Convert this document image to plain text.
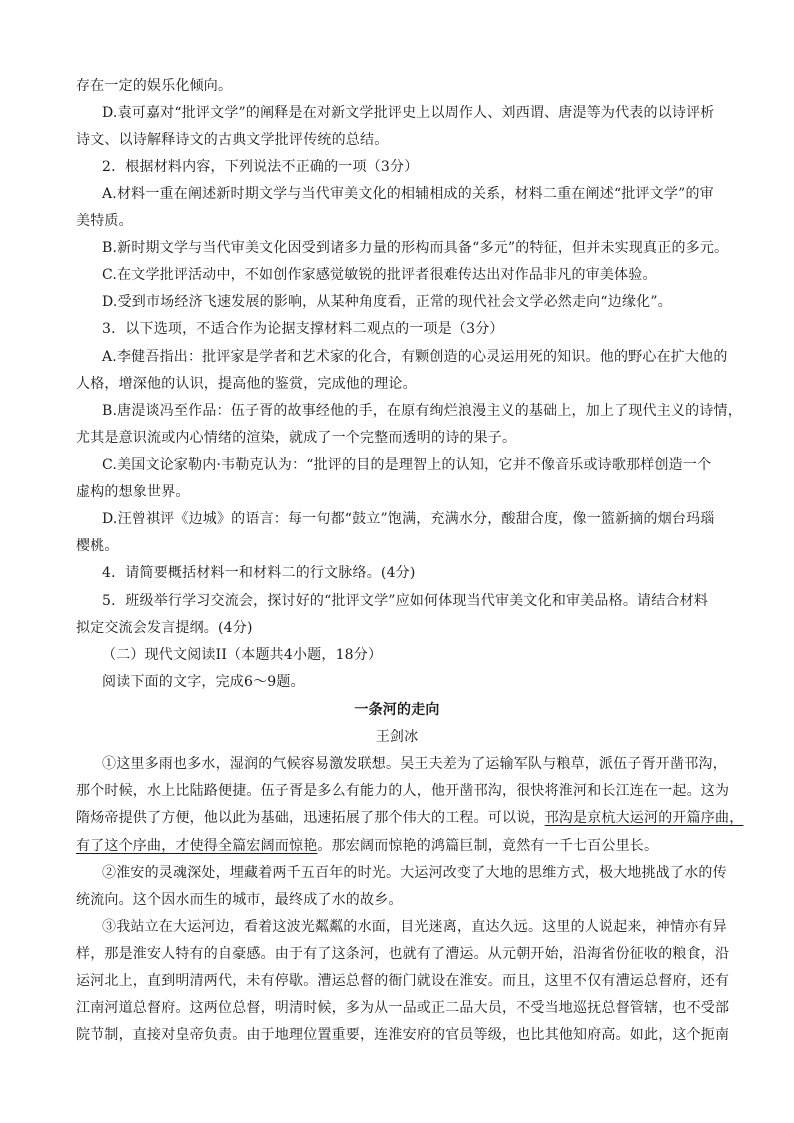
存在一定的娱乐化倾向。
D.袁可嘉对“批评文学”的阐释是在对新文学批评史上以周作人、刘西谓、唐湜等为代表的以诗评析
诗文、以诗解释诗文的古典文学批评传统的总结。
2．根据材料内容，下列说法不正确的一项（3分）
A.材料一重在阐述新时期文学与当代审美文化的相辅相成的关系，材料二重在阐述“批评文学”的审
美特质。
B.新时期文学与当代审美文化因受到诸多力量的形构而具备“多元”的特征，但并未实现真正的多元。
C.在文学批评活动中，不如创作家感觉敏锐的批评者很难传达出对作品非凡的审美体验。
D.受到市场经济飞速发展的影响，从某种角度看，正常的现代社会文学必然走向“边缘化”。
3．以下选项，不适合作为论据支撑材料二观点的一项是（3分）
A.李健吾指出：批评家是学者和艺术家的化合，有颗创造的心灵运用死的知识。他的野心在扩大他的
人格，增深他的认识，提高他的鉴赏，完成他的理论。
B.唐湜谈冯至作品：伍子胥的故事经他的手，在原有绚烂浪漫主义的基础上，加上了现代主义的诗情，
尤其是意识流或内心情绪的渲染，就成了一个完整而透明的诗的果子。
C.美国文论家勒内·韦勒克认为：“批评的目的是理智上的认知，它并不像音乐或诗歌那样创造一个
虚构的想象世界。
D.汪曾祺评《边城》的语言：每一句都“鼓立”饱满，充满水分，酸甜合度，像一篮新摘的烟台玛瑙
樱桃。
4．请简要概括材料一和材料二的行文脉络。(4分)
5．班级举行学习交流会，探讨好的“批评文学”应如何体现当代审美文化和审美品格。请结合材料
拟定交流会发言提纲。(4分)
（二）现代文阅读II（本题共4小题，18分）
阅读下面的文字，完成6～9题。
一条河的走向
王剑冰
①这里多雨也多水，湿润的气候容易激发联想。吴王夫差为了运输军队与粮草，派伍子胥开凿邗沟，
那个时候，水上比陆路便捷。伍子胥是多么有能力的人，他开凿邗沟，很快将淮河和长江连在一起。这为
隋炀帝提供了方便，他以此为基础，迅速拓展了那个伟大的工程。可以说，邗沟是京杭大运河的开篇序曲，
有了这个序曲，才使得全篇宏阔而惊艳。那宏阔而惊艳的鸿篇巨制，竟然有一千七百公里长。
②淮安的灵魂深处，埋藏着两千五百年的时光。大运河改变了大地的思维方式，极大地挑战了水的传
统流向。这个因水而生的城市，最终成了水的故乡。
③我站立在大运河边，看着这波光粼粼的水面，目光迷离，直达久远。这里的人说起来，神情亦有异
样，那是淮安人特有的自豪感。由于有了这条河，也就有了漕运。从元朝开始，沿海省份征收的粮食，沿
运河北上，直到明清两代，未有停歇。漕运总督的衙门就设在淮安。而且，这里不仅有漕运总督府，还有
江南河道总督府。这两位总督，明清时候，多为从一品或正二品大员，不受当地巡抚总督管辖，也不受部
院节制，直接对皇帝负责。由于地理位置重要，连淮安府的官员等级，也比其他知府高。如此，这个扼南
